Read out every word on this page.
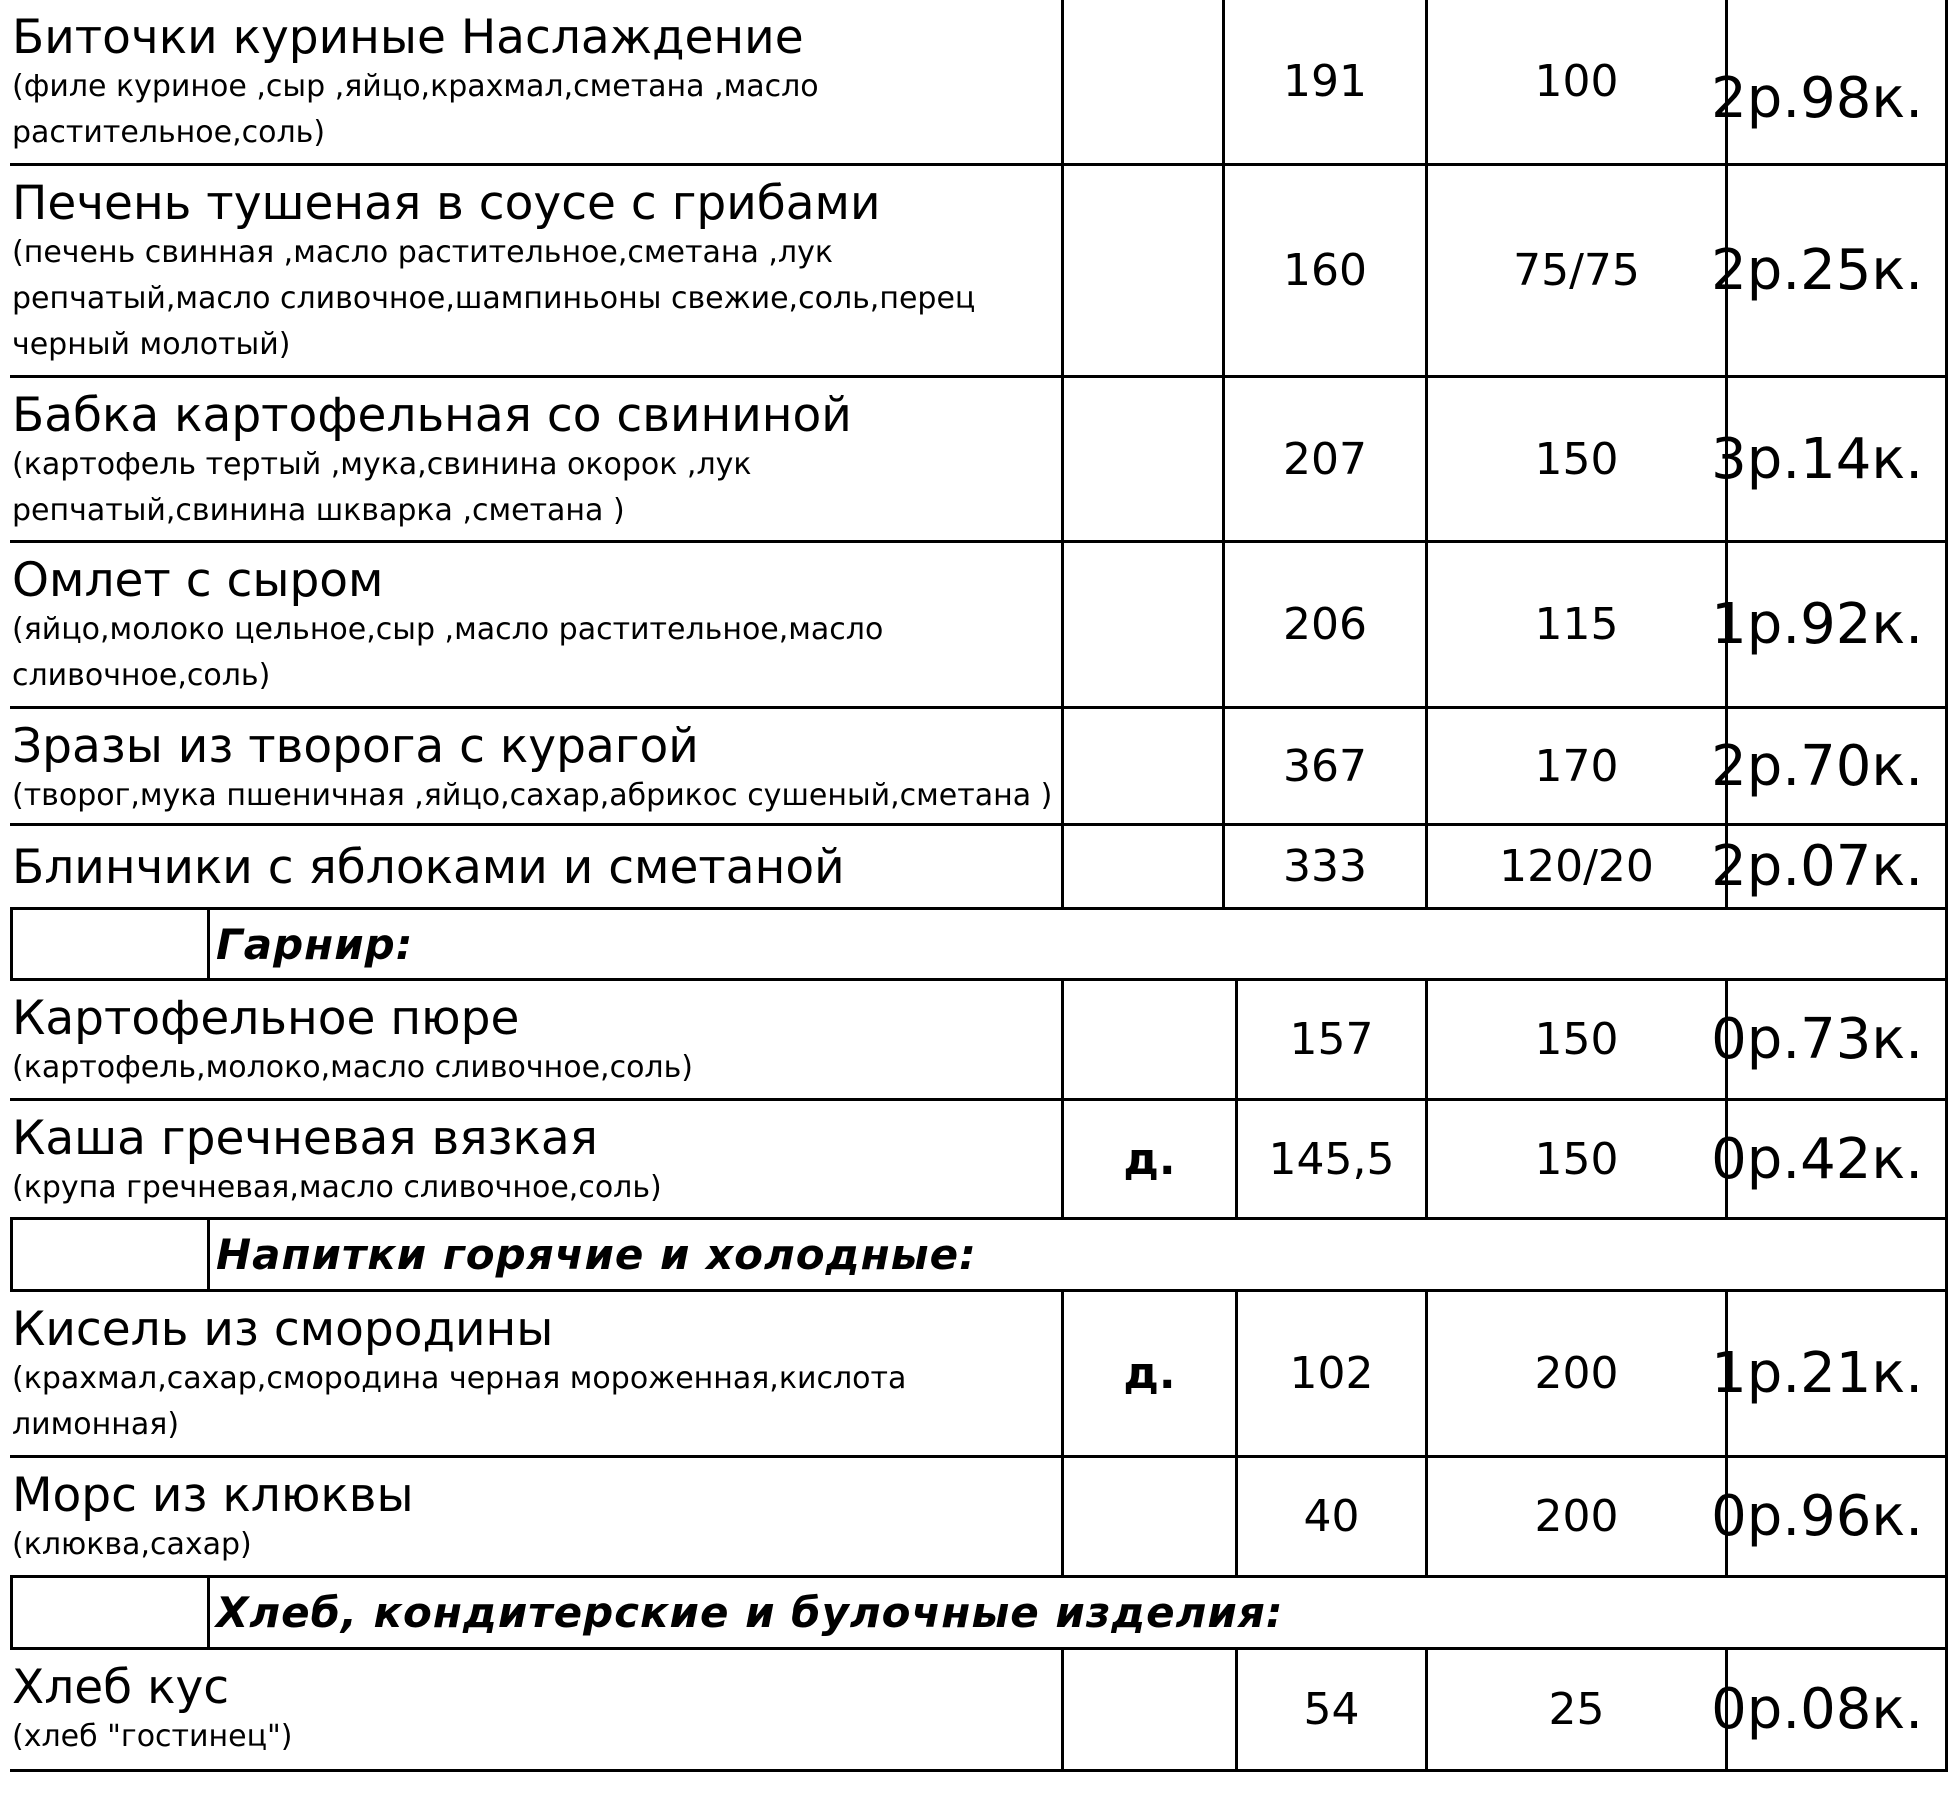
Биточки куриные Наслаждение
(филе куриное ,сыр ,яйцо,крахмал,сметана ,масло растительное,соль)
191	100	2р.98к.
Печень тушеная в соусе с грибами
(печень свинная ,масло растительное,сметана ,лук репчатый,масло сливочное,шампиньоны свежие,соль,перец черный молотый)
160	75/75	2р.25к.
Бабка картофельная со свининой
(картофель тертый ,мука,свинина окорок ,лук репчатый,свинина шкварка ,сметана )
207	150	3р.14к.
Омлет с сыром
(яйцо,молоко цельное,сыр ,масло растительное,масло сливочное,соль)
206	115	1р.92к.
Зразы из творога с курагой
(творог,мука пшеничная ,яйцо,сахар,абрикос сушеный,сметана )
367	170	2р.70к.
Блинчики с яблоками и сметаной	333	120/20	2р.07к.
Гарнир:
Картофельное пюре
(картофель,молоко,масло сливочное,соль)
157	150	0р.73к.
Каша гречневая вязкая
(крупа гречневая,масло сливочное,соль)
д.	145,5	150	0р.42к.
Напитки горячие и холодные:
Кисель из смородины
(крахмал,сахар,смородина черная мороженная,кислота лимонная)
д.	102	200	1р.21к.
Морс из клюквы
(клюква,сахар)
40	200	0р.96к.
Хлеб, кондитерские и булочные изделия:
Хлеб кус
(хлеб "гостинец")
54	25	0р.08к.
